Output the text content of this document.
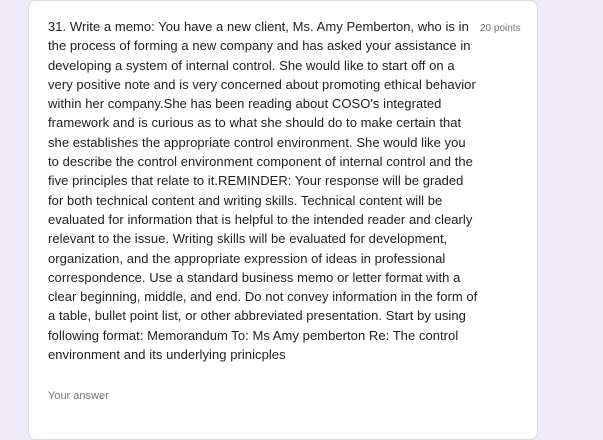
31. Write a memo: You have a new client, Ms. Amy Pemberton, who is in the process of forming a new company and has asked your assistance in developing a system of internal control. She would like to start off on a very positive note and is very concerned about promoting ethical behavior within her company.She has been reading about COSO's integrated framework and is curious as to what she should do to make certain that she establishes the appropriate control environment. She would like you to describe the control environment component of internal control and the five principles that relate to it.REMINDER: Your response will be graded for both technical content and writing skills. Technical content will be evaluated for information that is helpful to the intended reader and clearly relevant to the issue. Writing skills will be evaluated for development, organization, and the appropriate expression of ideas in professional correspondence. Use a standard business memo or letter format with a clear beginning, middle, and end. Do not convey information in the form of a table, bullet point list, or other abbreviated presentation. Start by using following format: Memorandum To: Ms Amy pemberton Re: The control environment and its underlying prinicples
20 points
Your answer
